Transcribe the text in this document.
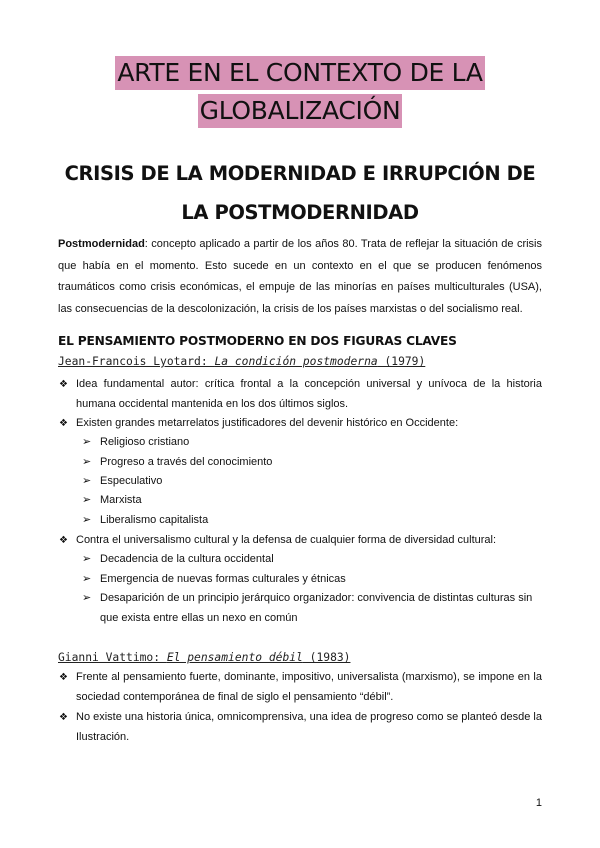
ARTE EN EL CONTEXTO DE LA
GLOBALIZACIÓN
CRISIS DE LA MODERNIDAD E IRRUPCIÓN DE
LA POSTMODERNIDAD
Postmodernidad: concepto aplicado a partir de los años 80. Trata de reflejar la situación de crisis que había en el momento. Esto sucede en un contexto en el que se producen fenómenos traumáticos como crisis económicas, el empuje de las minorías en países multiculturales (USA), las consecuencias de la descolonización, la crisis de los países marxistas o del socialismo real.
EL PENSAMIENTO POSTMODERNO EN DOS FIGURAS CLAVES
Jean-Francois Lyotard: La condición postmoderna (1979)
❖ Idea fundamental autor: crítica frontal a la concepción universal y unívoca de la historia humana occidental mantenida en los dos últimos siglos.
❖ Existen grandes metarrelatos justificadores del devenir histórico en Occidente:
➢ Religioso cristiano
➢ Progreso a través del conocimiento
➢ Especulativo
➢ Marxista
➢ Liberalismo capitalista
❖ Contra el universalismo cultural y la defensa de cualquier forma de diversidad cultural:
➢ Decadencia de la cultura occidental
➢ Emergencia de nuevas formas culturales y étnicas
➢ Desaparición de un principio jerárquico organizador: convivencia de distintas culturas sin que exista entre ellas un nexo en común
Gianni Vattimo: El pensamiento débil (1983)
❖ Frente al pensamiento fuerte, dominante, impositivo, universalista (marxismo), se impone en la sociedad contemporánea de final de siglo el pensamiento “débil”.
❖ No existe una historia única, omnicomprensiva, una idea de progreso como se planteó desde la Ilustración.
1
